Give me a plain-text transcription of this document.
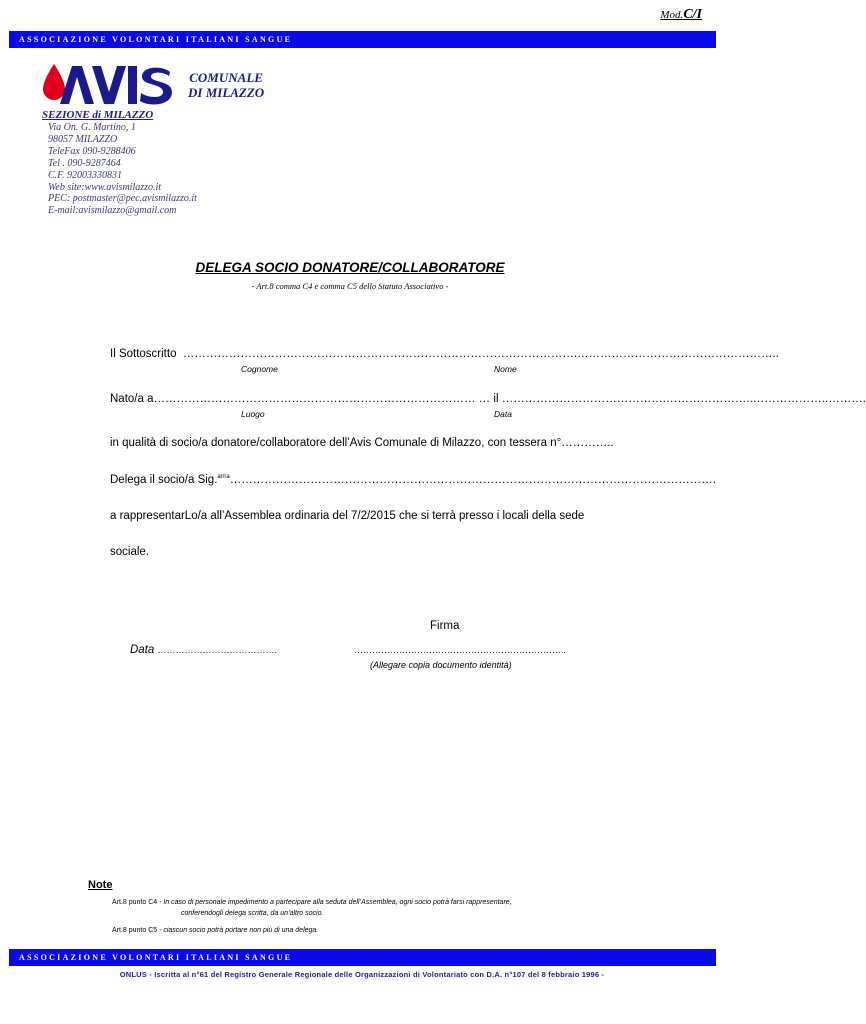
Mod.C/I
ASSOCIAZIONE VOLONTARI ITALIANI SANGUE
COMUNALE
DI MILAZZO
SEZIONE di MILAZZO
Via On. G. Martino, 1
98057 MILAZZO
TeleFax 090-9288406
Tel . 090-9287464
C.F. 92003330831
Web site:www.avismilazzo.it
PEC: postmaster@pec.avismilazzo.it
E-mail:avismilazzo@gmail.com
DELEGA SOCIO DONATORE/COLLABORATORE
- Art.8 comma C4 e comma C5 dello Statuto Associativo -
Il Sottoscritto ………………………………………………………………………………………….……………………………………………..
Cognome	Nome
Nato/a a………………………………………………………………………… … il …………………………………….…………………..………………..……….
Luogo	Data
in qualità di socio/a donatore/collaboratore dell’Avis Comunale di Milazzo, con tessera n°…………..
Delega il socio/a Sig.$^{ar/ra}$……………………………………………………………………………………………………………….
a rappresentarLo/a all’Assemblea ordinaria del 7/2/2015 che si terrà presso i locali della sede
sociale.
Firma
Data ………………………………….	……………………………………………………………..
(Allegare copia documento identità)
Note
Art.8 punto C4 - In caso di personale impedimento a partecipare alla seduta dell’Assemblea, ogni socio potrà farsi rappresentare,
conferendogli delega scritta, da un’altro socio.
Art.8 punto C5 - ciascun socio potrà portare non più di una delega.
ASSOCIAZIONE VOLONTARI ITALIANI SANGUE
ONLUS - Iscritta al n°61 del Registro Generale Regionale delle Organizzazioni di Volontariato con D.A. n°107 del 8 febbraio 1996 -
